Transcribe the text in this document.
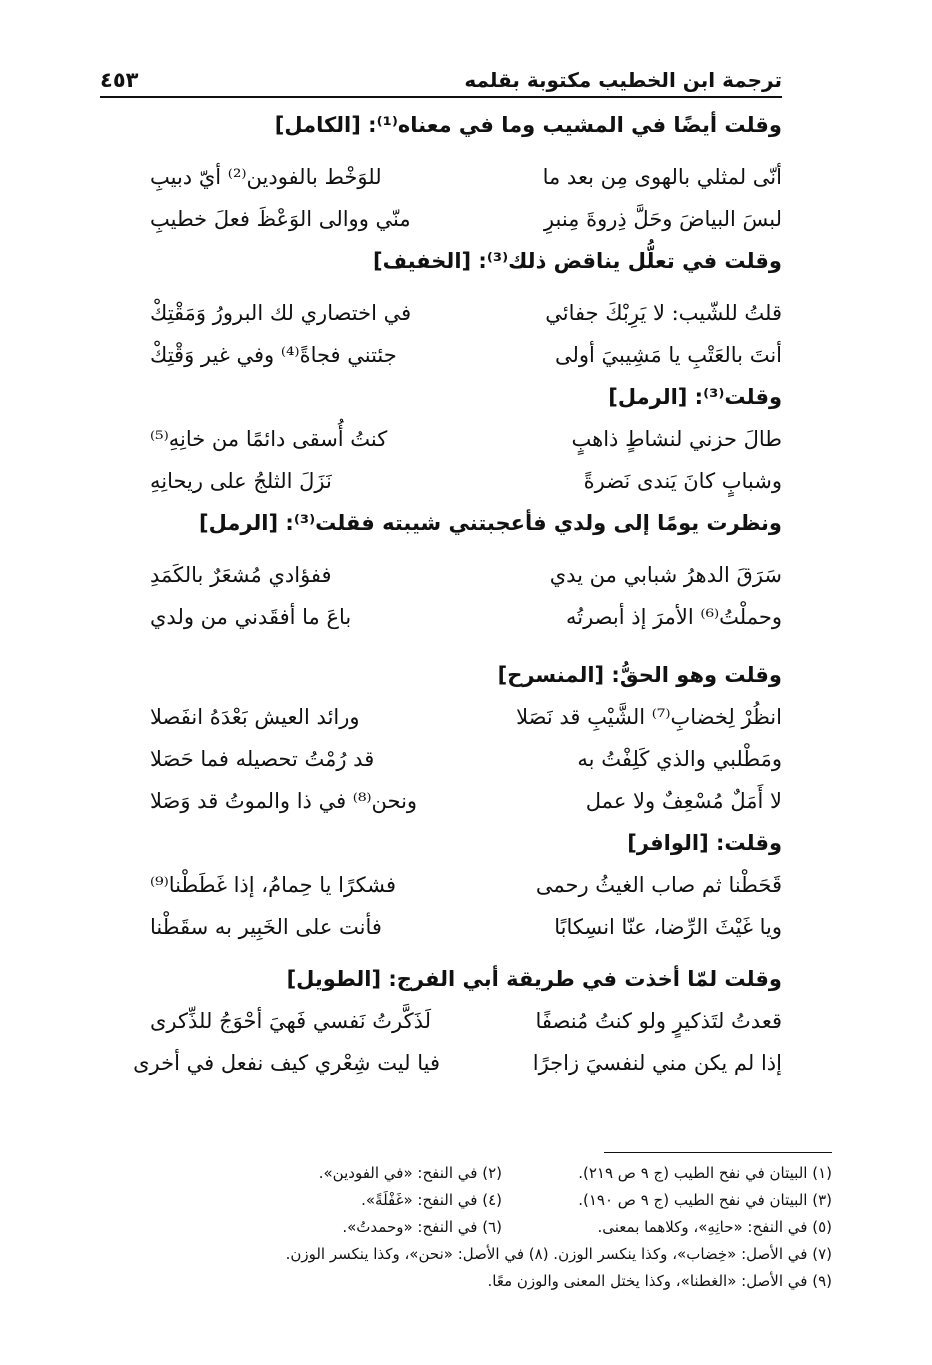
ترجمة ابن الخطيب مكتوبة بقلمه
٤٥٣
وقلت أيضًا في المشيب وما في معناه⁽¹⁾: [الكامل]
أنّى لمثلي بالهوى مِن بعد ما
للوَخْط بالفودين⁽²⁾ أيّ دبيبِ
لبسَ البياضَ وحَلَّ ذِروةَ مِنبرِ
منّي ووالى الوَعْظَ فعلَ خطيبِ
وقلت في تعلُّل يناقض ذلك⁽³⁾: [الخفيف]
قلتُ للشّيب: لا يَرِبْكَ جفائي
في اختصاري لك البرورُ وَمَقْتِكْ
أنتَ بالعَتْبِ يا مَشِيبيَ أولى
جئتني فجاةً⁽⁴⁾ وفي غير وَقْتِكْ
وقلت⁽³⁾: [الرمل]
طالَ حزني لنشاطٍ ذاهبٍ
كنتُ أُسقى دائمًا من خانِهِ⁽⁵⁾
وشبابٍ كانَ يَندى نَضرةً
نَزَلَ الثلجُ على ريحانِهِ
ونظرت يومًا إلى ولدي فأعجبتني شيبته فقلت⁽³⁾: [الرمل]
سَرَقَ الدهرُ شبابي من يدي
ففؤادي مُشعَرٌ بالكَمَدِ
وحملْتُ⁽⁶⁾ الأمرَ إذ أبصرتُه
باعَ ما أفقَدني من ولدي
وقلت وهو الحقُّ: [المنسرح]
انظُرْ لِخضابِ⁽⁷⁾ الشَّيْبِ قد نَصَلا
ورائد العيش بَعْدَهُ انفَصلا
ومَطْلبي والذي كَلِفْتُ به
قد رُمْتُ تحصيله فما حَصَلا
لا أَمَلٌ مُسْعِفٌ ولا عمل
ونحن⁽⁸⁾ في ذا والموتُ قد وَصَلا
وقلت: [الوافر]
قَحَطْنا ثم صاب الغيثُ رحمى
فشكرًا يا حِمامُ، إذا غَطَطْنا⁽⁹⁾
ويا غَيْثَ الرِّضا، عنّا انسِكابًا
فأنت على الخَبِير به سقَطْنا
وقلت لمّا أخذت في طريقة أبي الفرج: [الطويل]
قعدتُ لتَذكيرٍ ولو كنتُ مُنصفًا
لَذَكَّرتُ نَفسي فَهيَ أحْوَجُ للذِّكرى
إذا لم يكن مني لنفسيَ زاجرًا
فيا ليت شِعْري كيف نفعل في أخرى
(١) البيتان في نفح الطيب (ج ٩ ص ٢١٩).
(٢) في النفح: «في الفودين».
(٣) البيتان في نفح الطيب (ج ٩ ص ١٩٠).
(٤) في النفح: «غَفْلَةً».
(٥) في النفح: «حانِهِ»، وكلاهما بمعنى.
(٦) في النفح: «وحمدتُ».
(٧) في الأصل: «خِضاب»، وكذا ينكسر الوزن. (٨) في الأصل: «نحن»، وكذا ينكسر الوزن.
(٩) في الأصل: «الغطنا»، وكذا يختل المعنى والوزن معًا.
